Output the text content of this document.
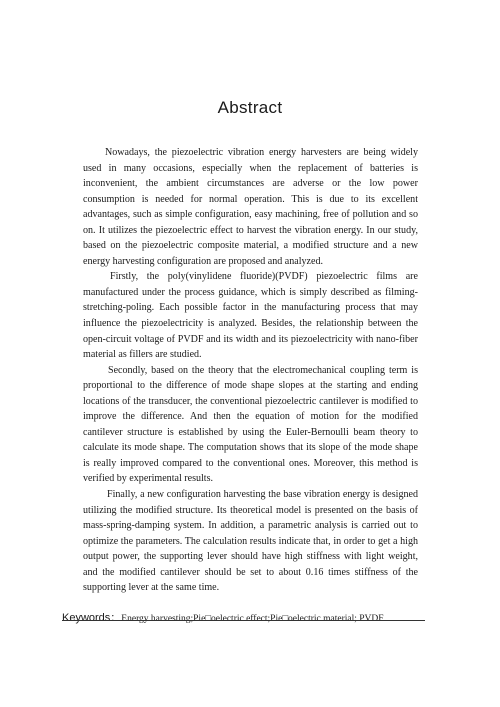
Abstract

Nowadays, the piezoelectric vibration energy harvesters are being widely used in many occasions, especially when the replacement of batteries is inconvenient, the ambient circumstances are adverse or the low power consumption is needed for normal operation. This is due to its excellent advantages, such as simple configuration, easy machining, free of pollution and so on. It utilizes the piezoelectric effect to harvest the vibration energy. In our study, based on the piezoelectric composite material, a modified structure and a new energy harvesting configuration are proposed and analyzed.

Firstly, the poly(vinylidene fluoride)(PVDF) piezoelectric films are manufactured under the process guidance, which is simply described as filming-stretching-poling. Each possible factor in the manufacturing process that may influence the piezoelectricity is analyzed. Besides, the relationship between the open-circuit voltage of PVDF and its width and its piezoelectricity with nano-fiber material as fillers are studied.

Secondly, based on the theory that the electromechanical coupling term is proportional to the difference of mode shape slopes at the starting and ending locations of the transducer, the conventional piezoelectric cantilever is modified to improve the difference. And then the equation of motion for the modified cantilever structure is established by using the Euler-Bernoulli beam theory to calculate its mode shape. The computation shows that its slope of the mode shape is really improved compared to the conventional ones. Moreover, this method is verified by experimental results.

Finally, a new configuration harvesting the base vibration energy is designed utilizing the modified structure. Its theoretical model is presented on the basis of mass-spring-damping system. In addition, a parametric analysis is carried out to optimize the parameters. The calculation results indicate that, in order to get a high output power, the supporting lever should have high stiffness with light weight, and the modified cantilever should be set to about 0.16 times stiffness of the supporting lever at the same time.

Keywords：Energy harvesting;Pie□oelectric effect;Pie□oelectric material; PVDF
